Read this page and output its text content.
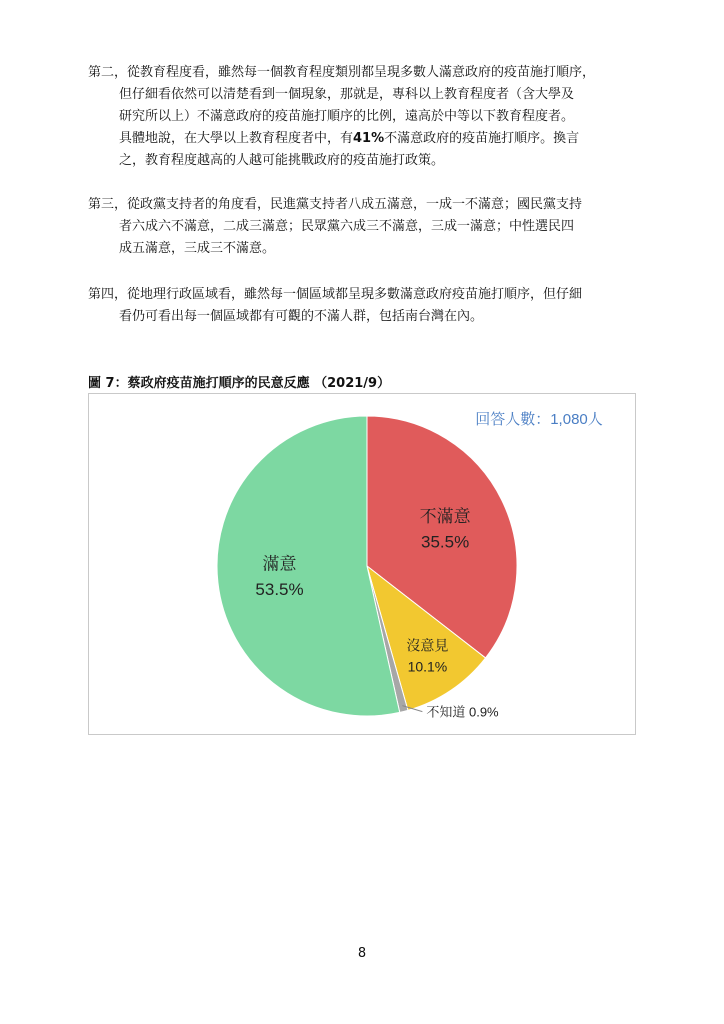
第二，從教育程度看，雖然每一個教育程度類別都呈現多數人滿意政府的疫苗施打順序，
但仔細看依然可以清楚看到一個現象，那就是，專科以上教育程度者（含大學及
研究所以上）不滿意政府的疫苗施打順序的比例，遠高於中等以下教育程度者。
具體地說，在大學以上教育程度者中，有41%不滿意政府的疫苗施打順序。換言
之，教育程度越高的人越可能挑戰政府的疫苗施打政策。
第三，從政黨支持者的角度看，民進黨支持者八成五滿意，一成一不滿意；國民黨支持
者六成六不滿意，二成三滿意；民眾黨六成三不滿意，三成一滿意；中性選民四
成五滿意，三成三不滿意。
第四，從地理行政區域看，雖然每一個區域都呈現多數滿意政府疫苗施打順序，但仔細
看仍可看出每一個區域都有可觀的不滿人群，包括南台灣在內。
圖 7：蔡政府疫苗施打順序的民意反應 （2021/9）
不滿意
35.5%
沒意見
10.1%
不知道 0.9%
滿意
53.5%
回答人數：1,080人
8
